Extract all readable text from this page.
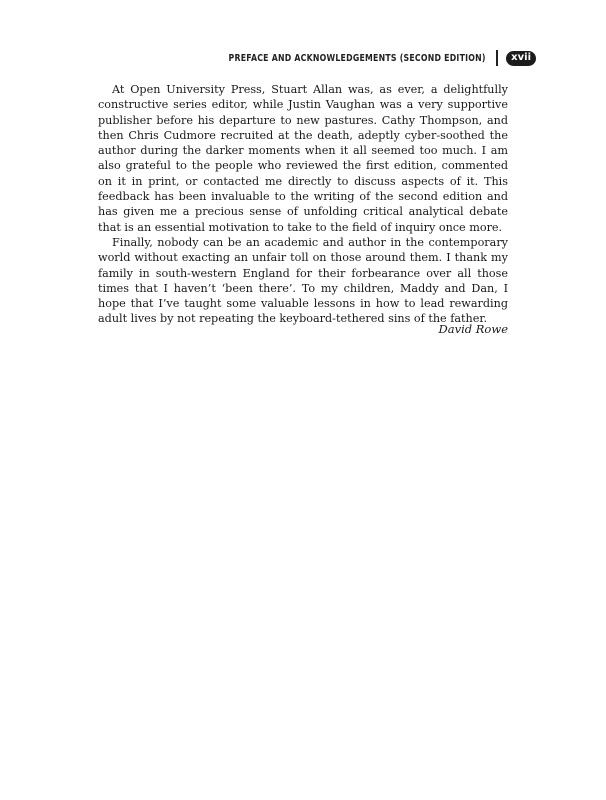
PREFACE AND ACKNOWLEDGEMENTS (SECOND EDITION)	xvii

At Open University Press, Stuart Allan was, as ever, a delightfully constructive series editor, while Justin Vaughan was a very supportive publisher before his departure to new pastures. Cathy Thompson, and then Chris Cudmore recruited at the death, adeptly cyber-soothed the author during the darker moments when it all seemed too much. I am also grateful to the people who reviewed the first edition, commented on it in print, or contacted me directly to discuss aspects of it. This feedback has been invaluable to the writing of the second edition and has given me a precious sense of unfolding critical analytical debate that is an essential motivation to take to the field of inquiry once more.

Finally, nobody can be an academic and author in the contemporary world without exacting an unfair toll on those around them. I thank my family in south-western England for their forbearance over all those times that I haven’t ‘been there’. To my children, Maddy and Dan, I hope that I’ve taught some valuable lessons in how to lead rewarding adult lives by not repeating the keyboard-tethered sins of the father.

David Rowe
